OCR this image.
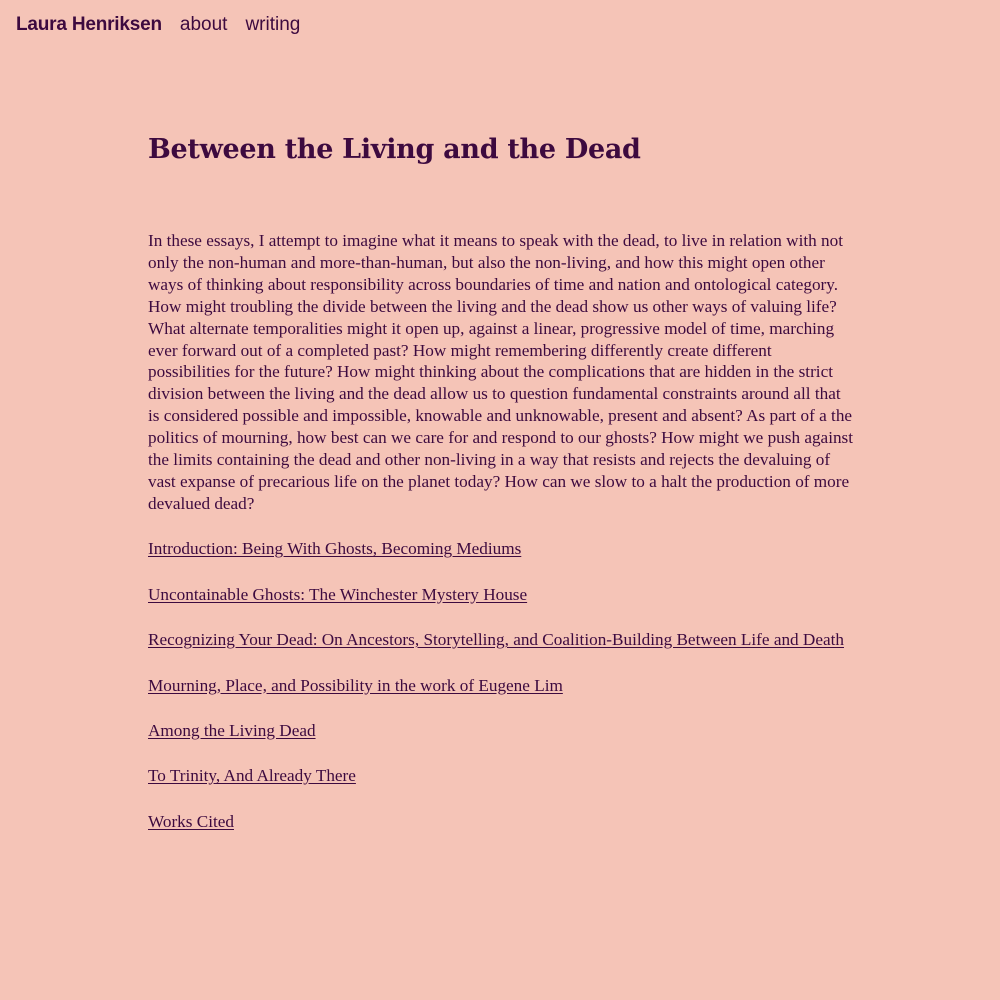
Laura Henriksen about writing
Between the Living and the Dead

In these essays, I attempt to imagine what it means to speak with the dead, to live in relation with not only the non-human and more-than-human, but also the non-living, and how this might open other ways of thinking about responsibility across boundaries of time and nation and ontological category. How might troubling the divide between the living and the dead show us other ways of valuing life? What alternate temporalities might it open up, against a linear, progressive model of time, marching ever forward out of a completed past? How might remembering differently create different possibilities for the future? How might thinking about the complications that are hidden in the strict division between the living and the dead allow us to question fundamental constraints around all that is considered possible and impossible, knowable and unknowable, present and absent? As part of a the politics of mourning, how best can we care for and respond to our ghosts? How might we push against the limits containing the dead and other non-living in a way that resists and rejects the devaluing of vast expanse of precarious life on the planet today? How can we slow to a halt the production of more devalued dead?

Introduction: Being With Ghosts, Becoming Mediums
Uncontainable Ghosts: The Winchester Mystery House
Recognizing Your Dead: On Ancestors, Storytelling, and Coalition-Building Between Life and Death
Mourning, Place, and Possibility in the work of Eugene Lim
Among the Living Dead
To Trinity, And Already There
Works Cited
